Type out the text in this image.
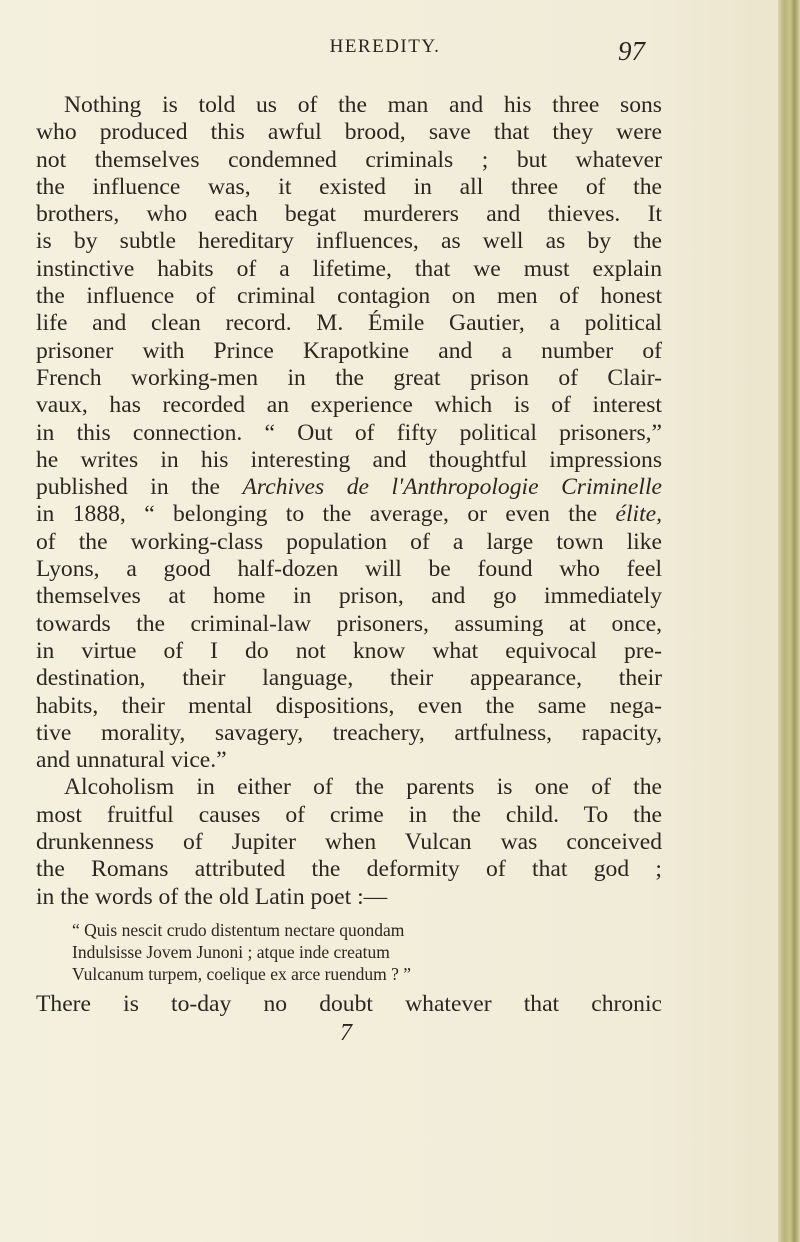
HEREDITY.	97
Nothing is told us of the man and his three sons
who produced this awful brood, save that they were
not themselves condemned criminals ; but whatever
the influence was, it existed in all three of the
brothers, who each begat murderers and thieves. It
is by subtle hereditary influences, as well as by the
instinctive habits of a lifetime, that we must explain
the influence of criminal contagion on men of honest
life and clean record. M. Émile Gautier, a political
prisoner with Prince Krapotkine and a number of
French working-men in the great prison of Clair-
vaux, has recorded an experience which is of interest
in this connection. “ Out of fifty political prisoners,”
he writes in his interesting and thoughtful impressions
published in the Archives de l'Anthropologie Criminelle
in 1888, “ belonging to the average, or even the élite,
of the working-class population of a large town like
Lyons, a good half-dozen will be found who feel
themselves at home in prison, and go immediately
towards the criminal-law prisoners, assuming at once,
in virtue of I do not know what equivocal pre-
destination, their language, their appearance, their
habits, their mental dispositions, even the same nega-
tive morality, savagery, treachery, artfulness, rapacity,
and unnatural vice.”
Alcoholism in either of the parents is one of the
most fruitful causes of crime in the child. To the
drunkenness of Jupiter when Vulcan was conceived
the Romans attributed the deformity of that god ;
in the words of the old Latin poet :—
“ Quis nescit crudo distentum nectare quondam
Indulsisse Jovem Junoni ; atque inde creatum
Vulcanum turpem, coelique ex arce ruendum ? ”
There is to-day no doubt whatever that chronic
7
